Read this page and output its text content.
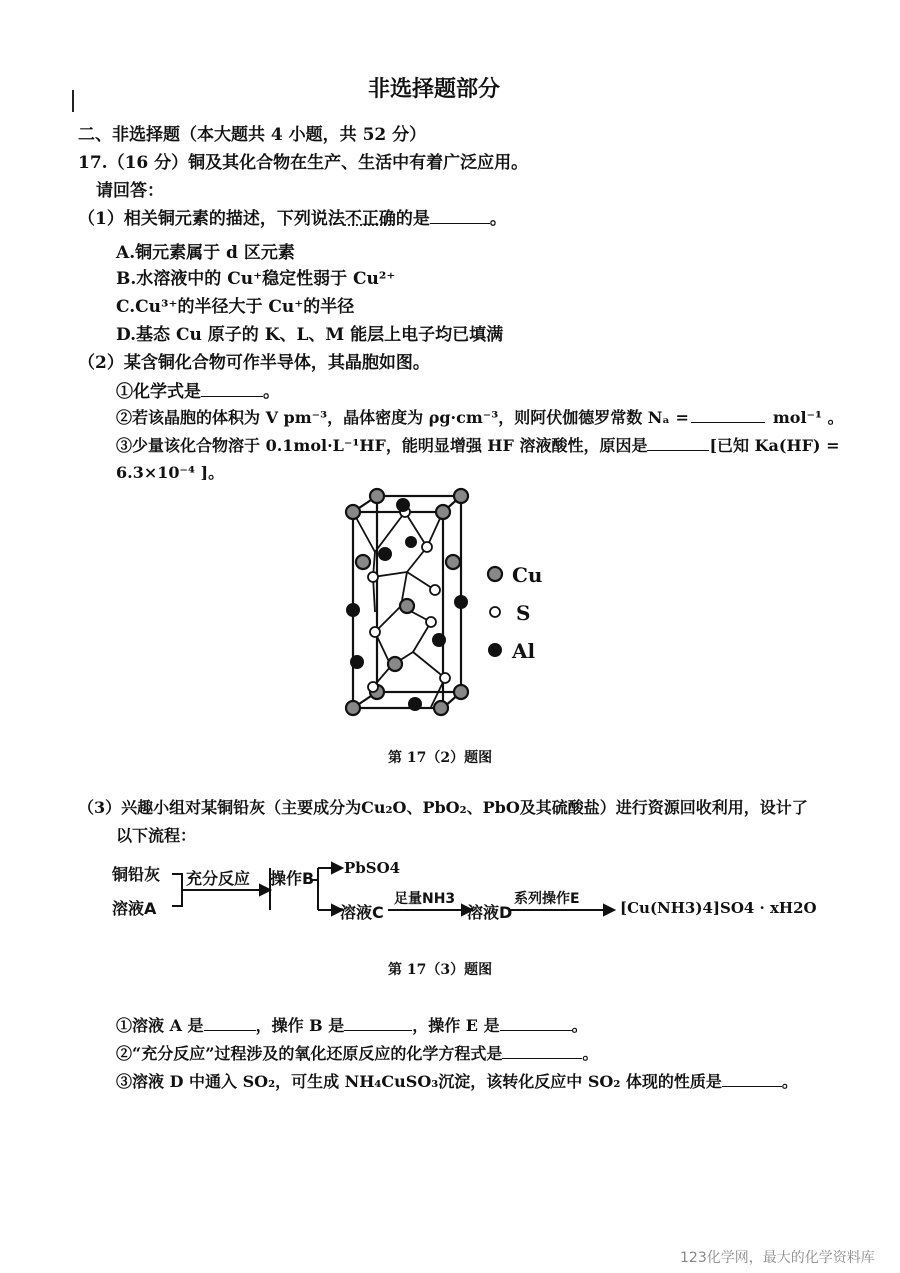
非选择题部分
二、非选择题（本大题共 4 小题，共 52 分）
17.（16 分）铜及其化合物在生产、生活中有着广泛应用。
请回答：
（1）相关铜元素的描述，下列说法不正确的是	。
A.铜元素属于 d 区元素
B.水溶液中的 Cu⁺稳定性弱于 Cu²⁺
C.Cu³⁺的半径大于 Cu⁺的半径
D.基态 Cu 原子的 K、L、M 能层上电子均已填满
（2）某含铜化合物可作半导体，其晶胞如图。
①化学式是	。
②若该晶胞的体积为 V pm⁻³，晶体密度为 ρg·cm⁻³，则阿伏伽德罗常数 Nₐ =	mol⁻¹ 。
③少量该化合物溶于 0.1mol·L⁻¹HF，能明显增强 HF 溶液酸性，原因是	[已知 Ka(HF) =
6.3×10⁻⁴ ]。
Cu
S
Al
第 17（2）题图
（3）兴趣小组对某铜铅灰（主要成分为Cu₂O、PbO₂、PbO及其硫酸盐）进行资源回收利用，设计了
以下流程：
铜铅灰
溶液A
充分反应 操作B
PbSO4
溶液C
足量NH3
溶液D
系列操作E	[Cu(NH3)4]SO4 · xH2O
第 17（3）题图
①溶液 A 是	，操作 B 是	，操作 E 是	。
②“充分反应”过程涉及的氧化还原反应的化学方程式是	。
③溶液 D 中通入 SO₂，可生成 NH₄CuSO₃沉淀，该转化反应中 SO₂ 体现的性质是	。
123化学网，最大的化学资料库
